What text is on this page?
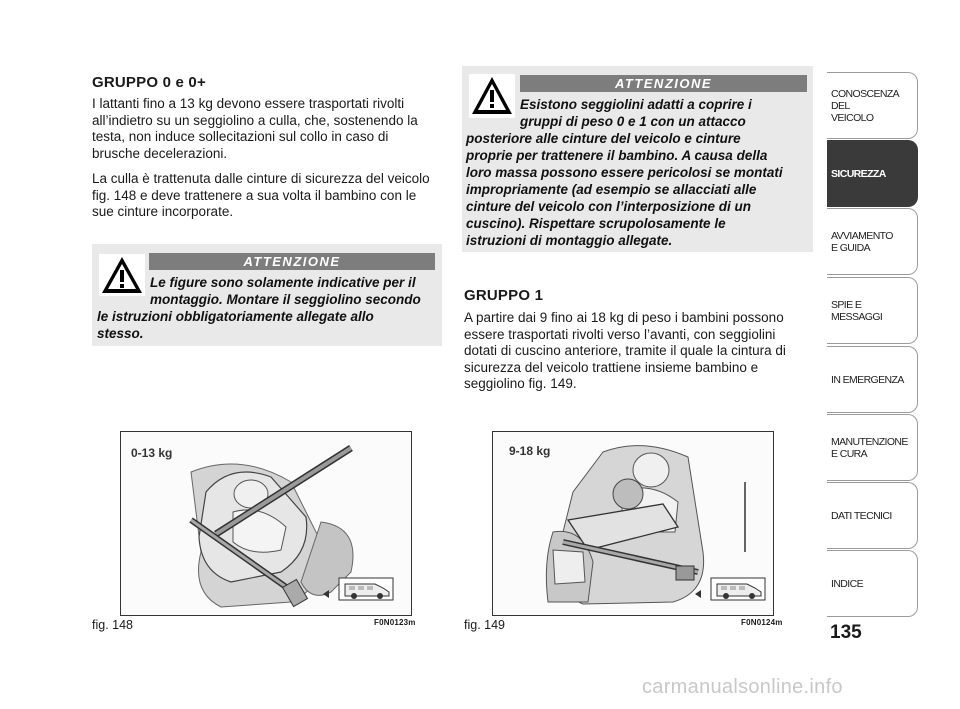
GRUPPO 0 e 0+

I lattanti fino a 13 kg devono essere trasportati rivolti all’indietro su un seggiolino a culla, che, sostenendo la testa, non induce sollecitazioni sul collo in caso di brusche decelerazioni.

La culla è trattenuta dalle cinture di sicurezza del veicolo fig. 148 e deve trattenere a sua volta il bambino con le sue cinture incorporate.

ATTENZIONE
Le figure sono solamente indicative per il
montaggio. Montare il seggiolino secondo
le istruzioni obbligatoriamente allegate allo
stesso.
ATTENZIONE
Esistono seggiolini adatti a coprire i
gruppi di peso 0 e 1 con un attacco
posteriore alle cinture del veicolo e cinture
proprie per trattenere il bambino. A causa della
loro massa possono essere pericolosi se montati
impropriamente (ad esempio se allacciati alle
cinture del veicolo con l’interposizione di un
cuscino). Rispettare scrupolosamente le
istruzioni di montaggio allegate.
GRUPPO 1

A partire dai 9 fino ai 18 kg di peso i bambini possono essere trasportati rivolti verso l’avanti, con seggiolini dotati di cuscino anteriore, tramite il quale la cintura di sicurezza del veicolo trattiene insieme bambino e seggiolino fig. 149.

0-13 kg
fig. 148	F0N0123m
9-18 kg
fig. 149	F0N0124m
CONOSCENZA
DEL
VEICOLO
SICUREZZA
AVVIAMENTO
E GUIDA
SPIE E
MESSAGGI
IN EMERGENZA
MANUTENZIONE
E CURA
DATI TECNICI
INDICE
135
carmanualsonline.info
